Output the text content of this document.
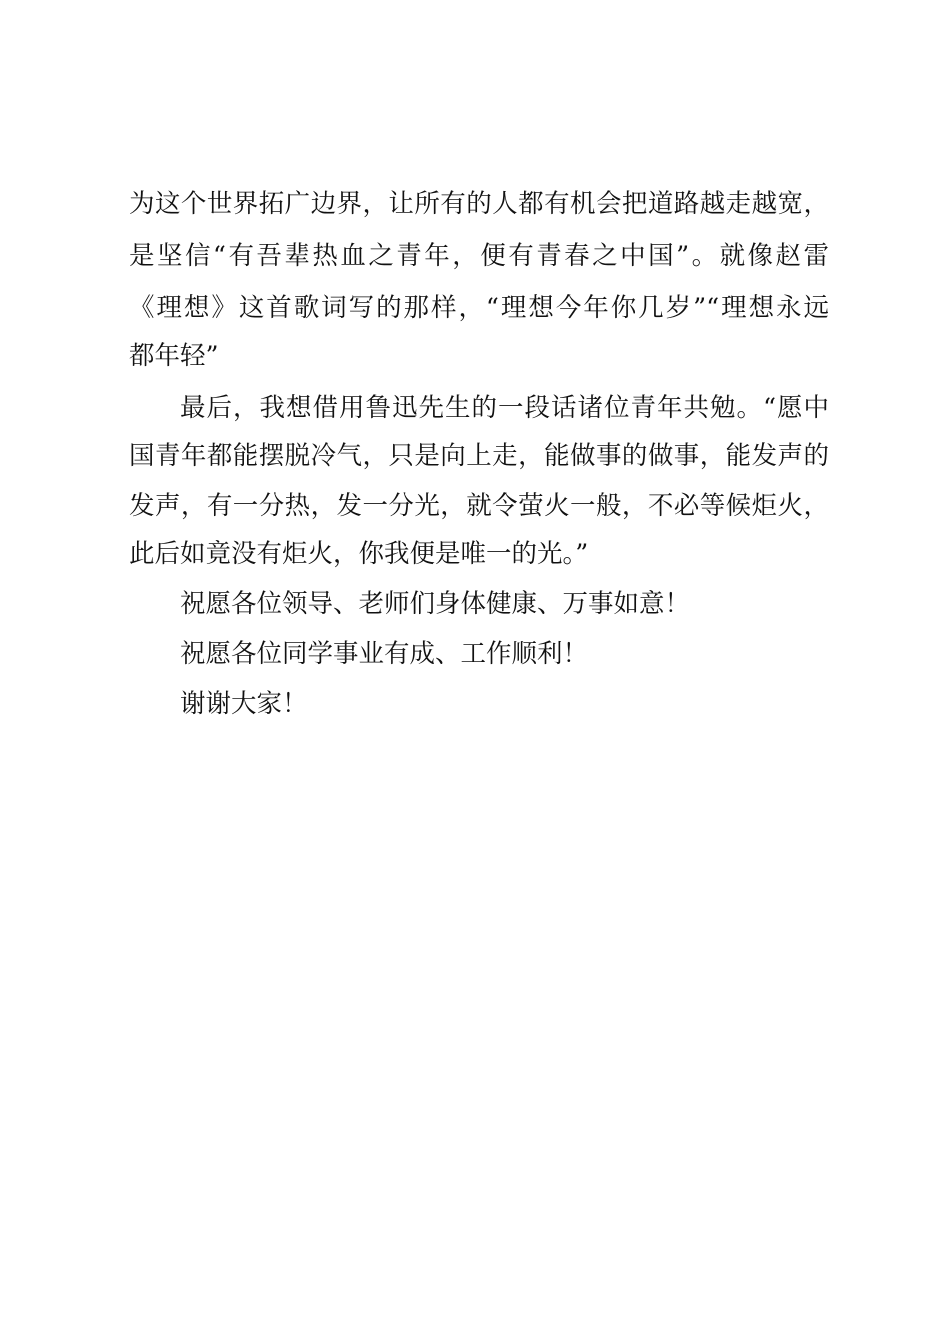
为这个世界拓广边界，让所有的人都有机会把道路越走越宽，
是坚信“有吾辈热血之青年，便有青春之中国”。就像赵雷
《理想》这首歌词写的那样，“理想今年你几岁”“理想永远
都年轻”
最后，我想借用鲁迅先生的一段话诸位青年共勉。“愿中
国青年都能摆脱冷气，只是向上走，能做事的做事，能发声的
发声，有一分热，发一分光，就令萤火一般，不必等候炬火，
此后如竟没有炬火，你我便是唯一的光。”
祝愿各位领导、老师们身体健康、万事如意！
祝愿各位同学事业有成、工作顺利！
谢谢大家！
